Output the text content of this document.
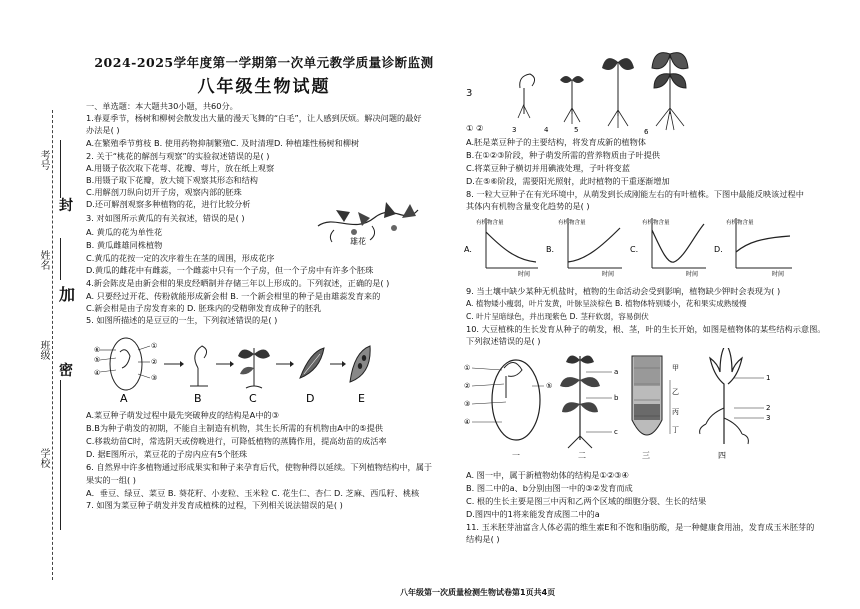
考号
封
姓名
加
班级
密
学校
2024-2025学年度第一学期第一次单元教学质量诊断监测
八年级生物试题
一、单选题：本大题共30小题，共60分。
1.春夏季节，杨树和柳树会散发出大量的漫天飞舞的“白毛”，让人感到厌烦。解决问题的最好
办法是( )
A.在繁殖季节剪枝 B. 使用药物抑制繁殖C. 及时清理D. 种植雄性杨树和柳树
2. 关于“桃花的解剖与观察”的实验叙述错误的是( )
A.用镊子依次取下花萼、花瓣、萼片，放在纸上观察
B.用镊子取下花瓣，放大镜下观察其形态和结构
C.用解剖刀纵向切开子房，观察内部的胚珠
D.还可解剖观察多种植物的花，进行比较分析
3. 对如图所示黄瓜的有关叙述，错误的是( )
A. 黄瓜的花为单性花
B. 黄瓜雌雄同株植物
C.黄瓜的花按一定的次序着生在茎的周围，形成花序
D.黄瓜的雌花中有雌蕊，一个雌蕊中只有一个子房，但一个子房中有许多个胚珠
4.新会陈皮是由新会柑的果皮经晒制并存储三年以上形成的。下列叙述，正确的是( )
A. 只要经过开花、传粉就能形成新会柑 B. 一个新会柑里的种子是由雄蕊发育来的
C.新会柑是由子房发育来的 D. 胚珠内的受精卵发育成种子的胚乳
5. 如图所描述的是豆豆的一生，下列叙述错误的是( )
雄花
⑥
⑤
④
①
②
③
B	C	D	E
A
A.菜豆种子萌发过程中最先突破种皮的结构是A中的③
B.B为种子萌发的初期，不能自主制造有机物，其生长所需的有机物由A中的⑤提供
C.移栽幼苗C时，常选阴天或傍晚进行，可降低植物的蒸腾作用，提高幼苗的成活率
D. 据E图所示，菜豆花的子房内应有5个胚珠
6. 自然界中许多植物通过形成果实和种子来孕育后代，使物种得以延续。下列植物结构中，属于
果实的一组( )
A．垂豆、绿豆、菜豆 B. 葵花籽、小麦粒、玉米粒 C. 花生仁、杏仁 D. 芝麻、西瓜籽、桃核
7. 如图为菜豆种子萌发并发育成植株的过程，下列相关说法错误的是( )
3
3	4	5	6
① ②
A.胚是菜豆种子的主要结构，将发育成新的植物体
B.在①②③阶段，种子萌发所需的营养物质由子叶提供
C.将菜豆种子横切并用碘液处理，子叶将变蓝
D.在⑤⑥阶段，需要阳光照射，此时植物的干重逐渐增加
8. 一粒大豆种子在有光环境中，从萌发到长成刚能左右的有叶植株。下图中最能反映该过程中
其体内有机物含量变化趋势的是( )
A.
有机物含量
时间
B.
有机物含量
时间
C.
有机物含量
时间
D.
有机物含量
时间
9. 当土壤中缺少某种无机盐时，植物的生命活动会受到影响，植物缺少钾时会表现为( )
A. 植物矮小瘦弱，叶片发黄，叶脉呈淡棕色 B. 植物体特别矮小，花和果实成熟缓慢
C. 叶片呈暗绿色，并出现紫色 D. 茎秆软弱，容易倒伏
10. 大豆植株的生长发育从种子的萌发，根、茎，叶的生长开始，如图是植物体的某些结构示意图。
下列叙述错误的是( )
①
②
③
④
⑤
一
a
b
c
二
甲
乙
丙
丁
三
1
2
3
四
A. 图一中，属于新植物幼体的结构是①②③④
B. 图二中的a、b分别由图一中的③②发育而成
C. 根的生长主要是图三中丙和乙两个区域的细胞分裂、生长的结果
D.图四中的1将来能发育成图二中的a
11. 玉米胚芽油富含人体必需的维生素E和不饱和脂肪酸，是一种健康食用油，发育成玉米胚芽的
结构是( )
八年级第一次质量检测生物试卷第1页共4页
